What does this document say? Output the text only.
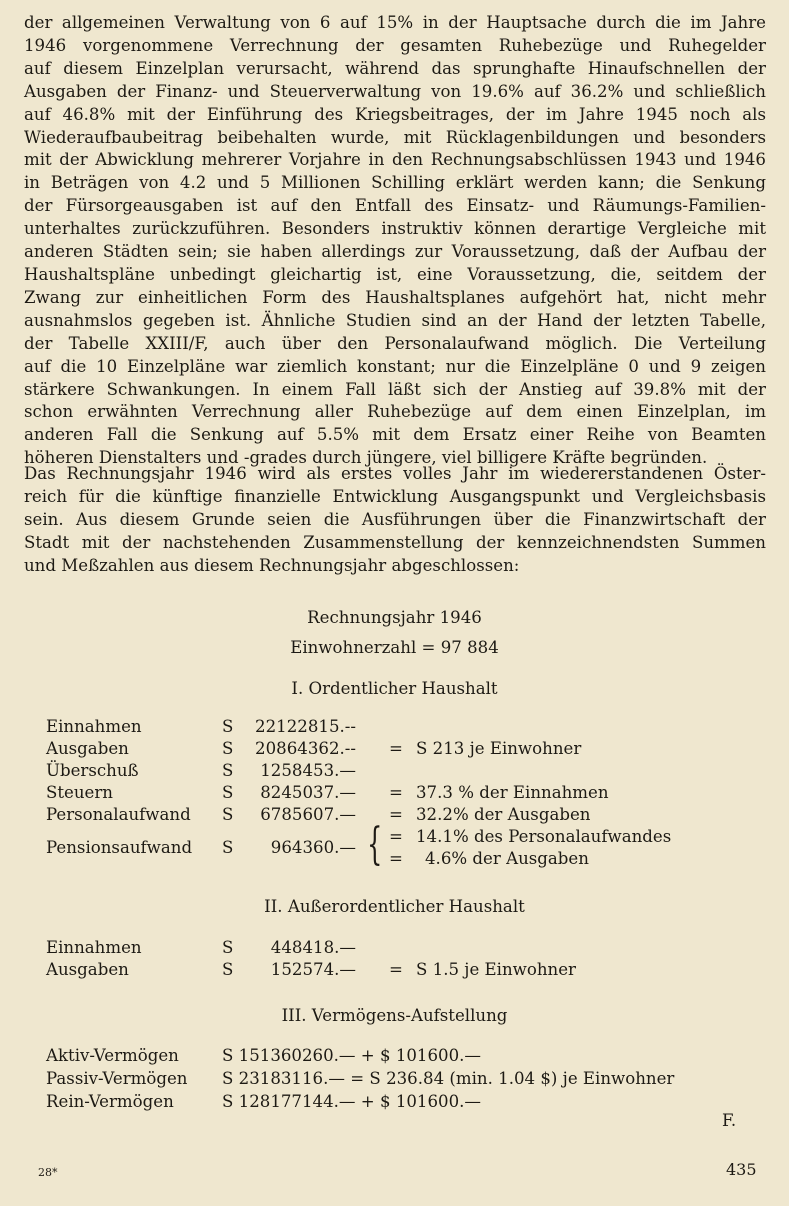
der allgemeinen Verwaltung von 6 auf 15% in der Hauptsache durch die im Jahre
1946 vorgenommene Verrechnung der gesamten Ruhebezüge und Ruhegelder
auf diesem Einzelplan verursacht, während das sprunghafte Hinaufschnellen der
Ausgaben der Finanz- und Steuerverwaltung von 19.6% auf 36.2% und schließlich
auf 46.8% mit der Einführung des Kriegsbeitrages, der im Jahre 1945 noch als
Wiederaufbaubeitrag beibehalten wurde, mit Rücklagenbildungen und besonders
mit der Abwicklung mehrerer Vorjahre in den Rechnungsabschlüssen 1943 und 1946
in Beträgen von 4.2 und 5 Millionen Schilling erklärt werden kann; die Senkung
der Fürsorgeausgaben ist auf den Entfall des Einsatz- und Räumungs-Familien-
unterhaltes zurückzuführen. Besonders instruktiv können derartige Vergleiche mit
anderen Städten sein; sie haben allerdings zur Voraussetzung, daß der Aufbau der
Haushaltspläne unbedingt gleichartig ist, eine Voraussetzung, die, seitdem der
Zwang zur einheitlichen Form des Haushaltsplanes aufgehört hat, nicht mehr
ausnahmslos gegeben ist. Ähnliche Studien sind an der Hand der letzten Tabelle,
der Tabelle XXIII/F, auch über den Personalaufwand möglich. Die Verteilung
auf die 10 Einzelpläne war ziemlich konstant; nur die Einzelpläne 0 und 9 zeigen
stärkere Schwankungen. In einem Fall läßt sich der Anstieg auf 39.8% mit der
schon erwähnten Verrechnung aller Ruhebezüge auf dem einen Einzelplan, im
anderen Fall die Senkung auf 5.5% mit dem Ersatz einer Reihe von Beamten
höheren Dienstalters und -grades durch jüngere, viel billigere Kräfte begründen.
Das Rechnungsjahr 1946 wird als erstes volles Jahr im wiedererstandenen Öster-
reich für die künftige finanzielle Entwicklung Ausgangspunkt und Vergleichsbasis
sein. Aus diesem Grunde seien die Ausführungen über die Finanzwirtschaft der
Stadt mit der nachstehenden Zusammenstellung der kennzeichnendsten Summen
und Meßzahlen aus diesem Rechnungsjahr abgeschlossen:
Rechnungsjahr 1946
Einwohnerzahl = 97 884
I. Ordentlicher Haushalt
Einnahmen	S	22122815.--
Ausgaben	S	20864362.-- = S 213 je Einwohner
Überschuß	S	1258453.—
Steuern	S	8245037.— = 37.3 % der Einnahmen
Personalaufwand S	6785607.— = 32.2% der Ausgaben
Pensionsaufwand S	964360.— { = 14.1% des Personalaufwandes
= 4.6% der Ausgaben
II. Außerordentlicher Haushalt
Einnahmen	S	448418.—
Ausgaben	S	152574.— = S 1.5 je Einwohner
III. Vermögens-Aufstellung
Aktiv-Vermögen	S 151360260.— + $ 101600.—
Passiv-Vermögen S 23183116.— = S 236.84 (min. 1.04 $) je Einwohner
Rein-Vermögen	S 128177144.— + $ 101600.—
F.
28*	435
